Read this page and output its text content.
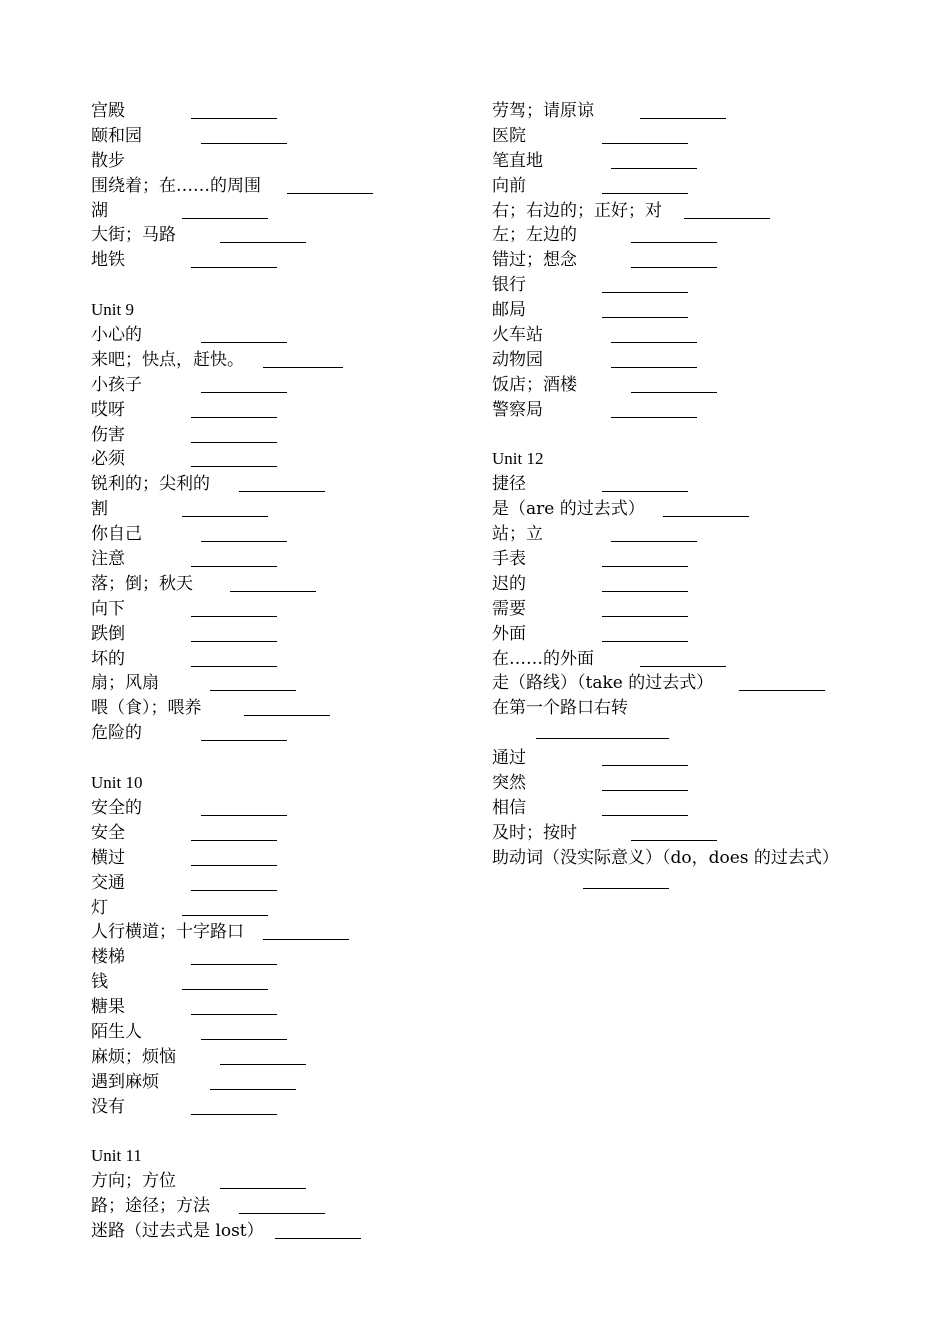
宫殿
颐和园
散步
围绕着；在……的周围
湖
大街；马路
地铁
Unit 9
小心的
来吧；快点，赶快。
小孩子
哎呀
伤害
必须
锐利的；尖利的
割
你自己
注意
落；倒；秋天
向下
跌倒
坏的
扇；风扇
喂（食）；喂养
危险的
Unit 10
安全的
安全
横过
交通
灯
人行横道；十字路口
楼梯
钱
糖果
陌生人
麻烦；烦恼
遇到麻烦
没有
Unit 11
方向；方位
路；途径；方法
迷路（过去式是 lost）
劳驾；请原谅
医院
笔直地
向前
右；右边的；正好；对
左；左边的
错过；想念
银行
邮局
火车站
动物园
饭店；酒楼
警察局
Unit 12
捷径
是（are 的过去式）
站；立
手表
迟的
需要
外面
在……的外面
走（路线）（take 的过去式）
在第一个路口右转
通过
突然
相信
及时；按时
助动词（没实际意义）（do，does 的过去式）
